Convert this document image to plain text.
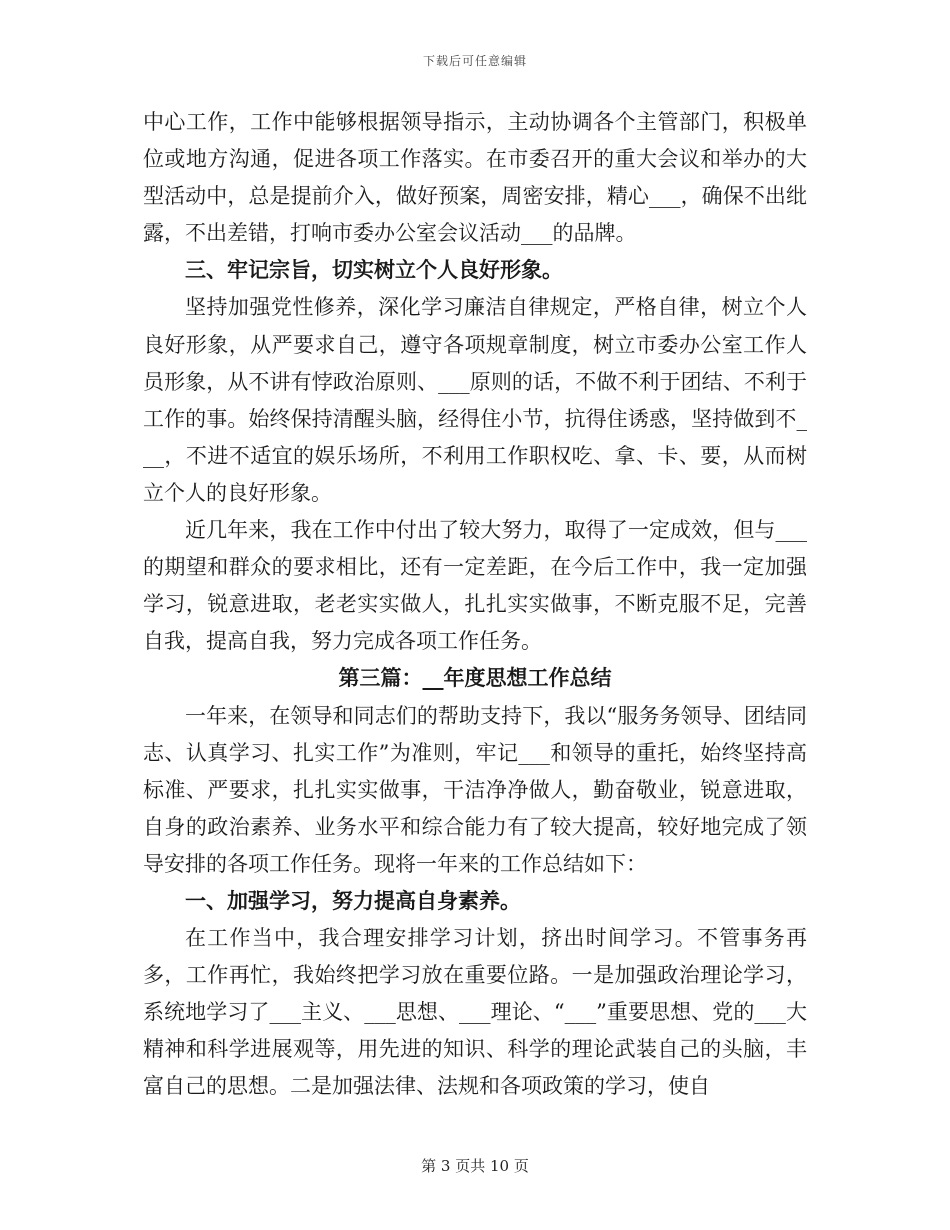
下载后可任意编辑

中心工作，工作中能够根据领导指示，主动协调各个主管部门，积极单位或地方沟通，促进各项工作落实。在市委召开的重大会议和举办的大型活动中，总是提前介入，做好预案，周密安排，精心___，确保不出纰露，不出差错，打响市委办公室会议活动___的品牌。

三、牢记宗旨，切实树立个人良好形象。

坚持加强党性修养，深化学习廉洁自律规定，严格自律，树立个人良好形象，从严要求自己，遵守各项规章制度，树立市委办公室工作人员形象，从不讲有悖政治原则、___原则的话，不做不利于团结、不利于工作的事。始终保持清醒头脑，经得住小节，抗得住诱惑，坚持做到不___，不进不适宜的娱乐场所，不利用工作职权吃、拿、卡、要，从而树立个人的良好形象。

近几年来，我在工作中付出了较大努力，取得了一定成效，但与___的期望和群众的要求相比，还有一定差距，在今后工作中，我一定加强学习，锐意进取，老老实实做人，扎扎实实做事，不断克服不足，完善自我，提高自我，努力完成各项工作任务。

第三篇：__年度思想工作总结

一年来，在领导和同志们的帮助支持下，我以“服务务领导、团结同志、认真学习、扎实工作”为准则，牢记___和领导的重托，始终坚持高标准、严要求，扎扎实实做事，干洁净净做人，勤奋敬业，锐意进取，自身的政治素养、业务水平和综合能力有了较大提高，较好地完成了领导安排的各项工作任务。现将一年来的工作总结如下：

一、加强学习，努力提高自身素养。

在工作当中，我合理安排学习计划，挤出时间学习。不管事务再多，工作再忙，我始终把学习放在重要位路。一是加强政治理论学习，系统地学习了___主义、___思想、___理论、“___”重要思想、党的___大精神和科学进展观等，用先进的知识、科学的理论武装自己的头脑，丰富自己的思想。二是加强法律、法规和各项政策的学习，使自

第 3 页共 10 页
